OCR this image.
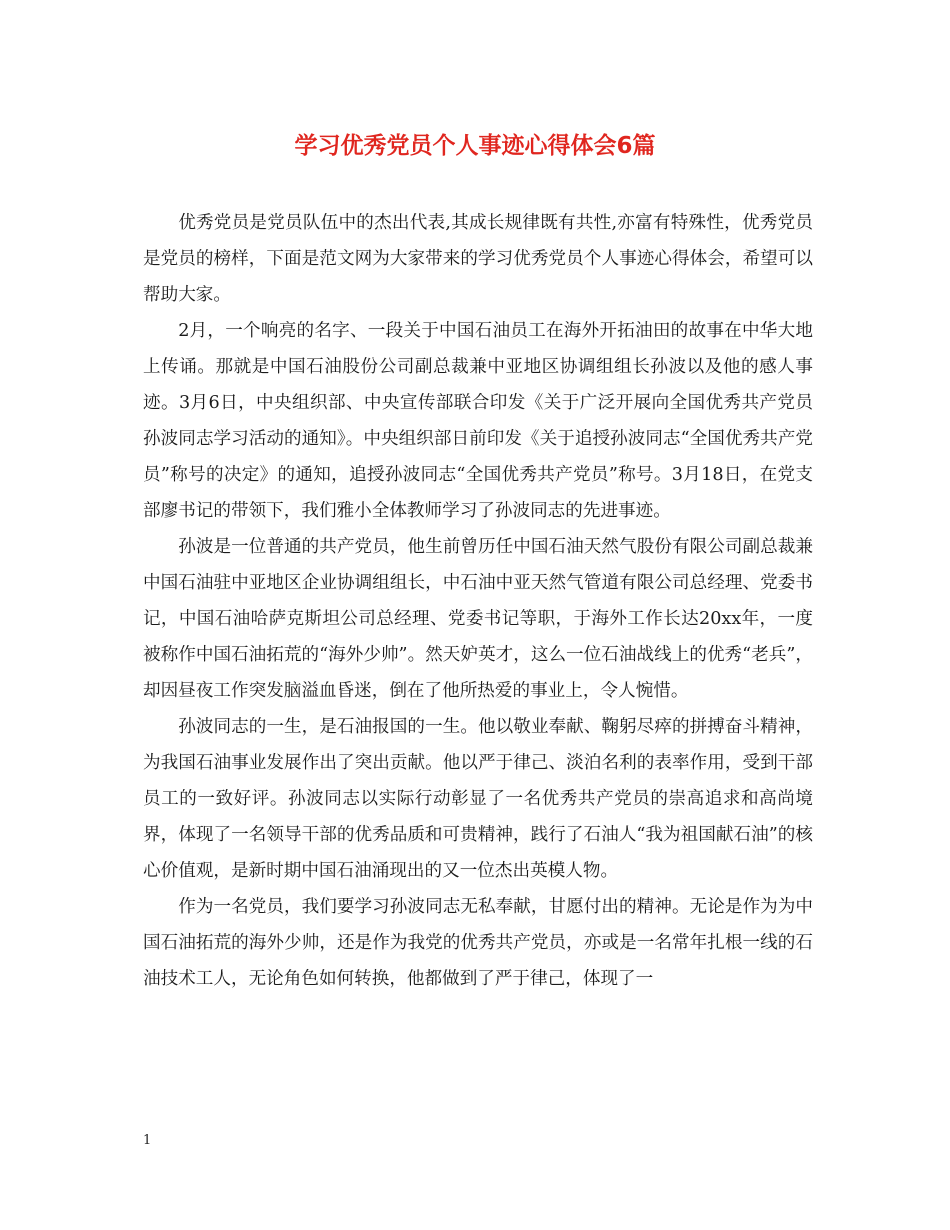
学习优秀党员个人事迹心得体会6篇

优秀党员是党员队伍中的杰出代表,其成长规律既有共性,亦富有特殊性，优秀党员是党员的榜样，下面是范文网为大家带来的学习优秀党员个人事迹心得体会，希望可以帮助大家。

2月，一个响亮的名字、一段关于中国石油员工在海外开拓油田的故事在中华大地上传诵。那就是中国石油股份公司副总裁兼中亚地区协调组组长孙波以及他的感人事迹。3月6日，中央组织部、中央宣传部联合印发《关于广泛开展向全国优秀共产党员孙波同志学习活动的通知》。中央组织部日前印发《关于追授孙波同志“全国优秀共产党员”称号的决定》的通知，追授孙波同志“全国优秀共产党员”称号。3月18日，在党支部廖书记的带领下，我们雅小全体教师学习了孙波同志的先进事迹。

孙波是一位普通的共产党员，他生前曾历任中国石油天然气股份有限公司副总裁兼中国石油驻中亚地区企业协调组组长，中石油中亚天然气管道有限公司总经理、党委书记，中国石油哈萨克斯坦公司总经理、党委书记等职，于海外工作长达20xx年，一度被称作中国石油拓荒的“海外少帅”。然天妒英才，这么一位石油战线上的优秀“老兵”，却因昼夜工作突发脑溢血昏迷，倒在了他所热爱的事业上，令人惋惜。

孙波同志的一生，是石油报国的一生。他以敬业奉献、鞠躬尽瘁的拼搏奋斗精神，为我国石油事业发展作出了突出贡献。他以严于律己、淡泊名利的表率作用，受到干部员工的一致好评。孙波同志以实际行动彰显了一名优秀共产党员的崇高追求和高尚境界，体现了一名领导干部的优秀品质和可贵精神，践行了石油人“我为祖国献石油”的核心价值观，是新时期中国石油涌现出的又一位杰出英模人物。

作为一名党员，我们要学习孙波同志无私奉献，甘愿付出的精神。无论是作为为中国石油拓荒的海外少帅，还是作为我党的优秀共产党员，亦或是一名常年扎根一线的石油技术工人，无论角色如何转换，他都做到了严于律己，体现了一

1
